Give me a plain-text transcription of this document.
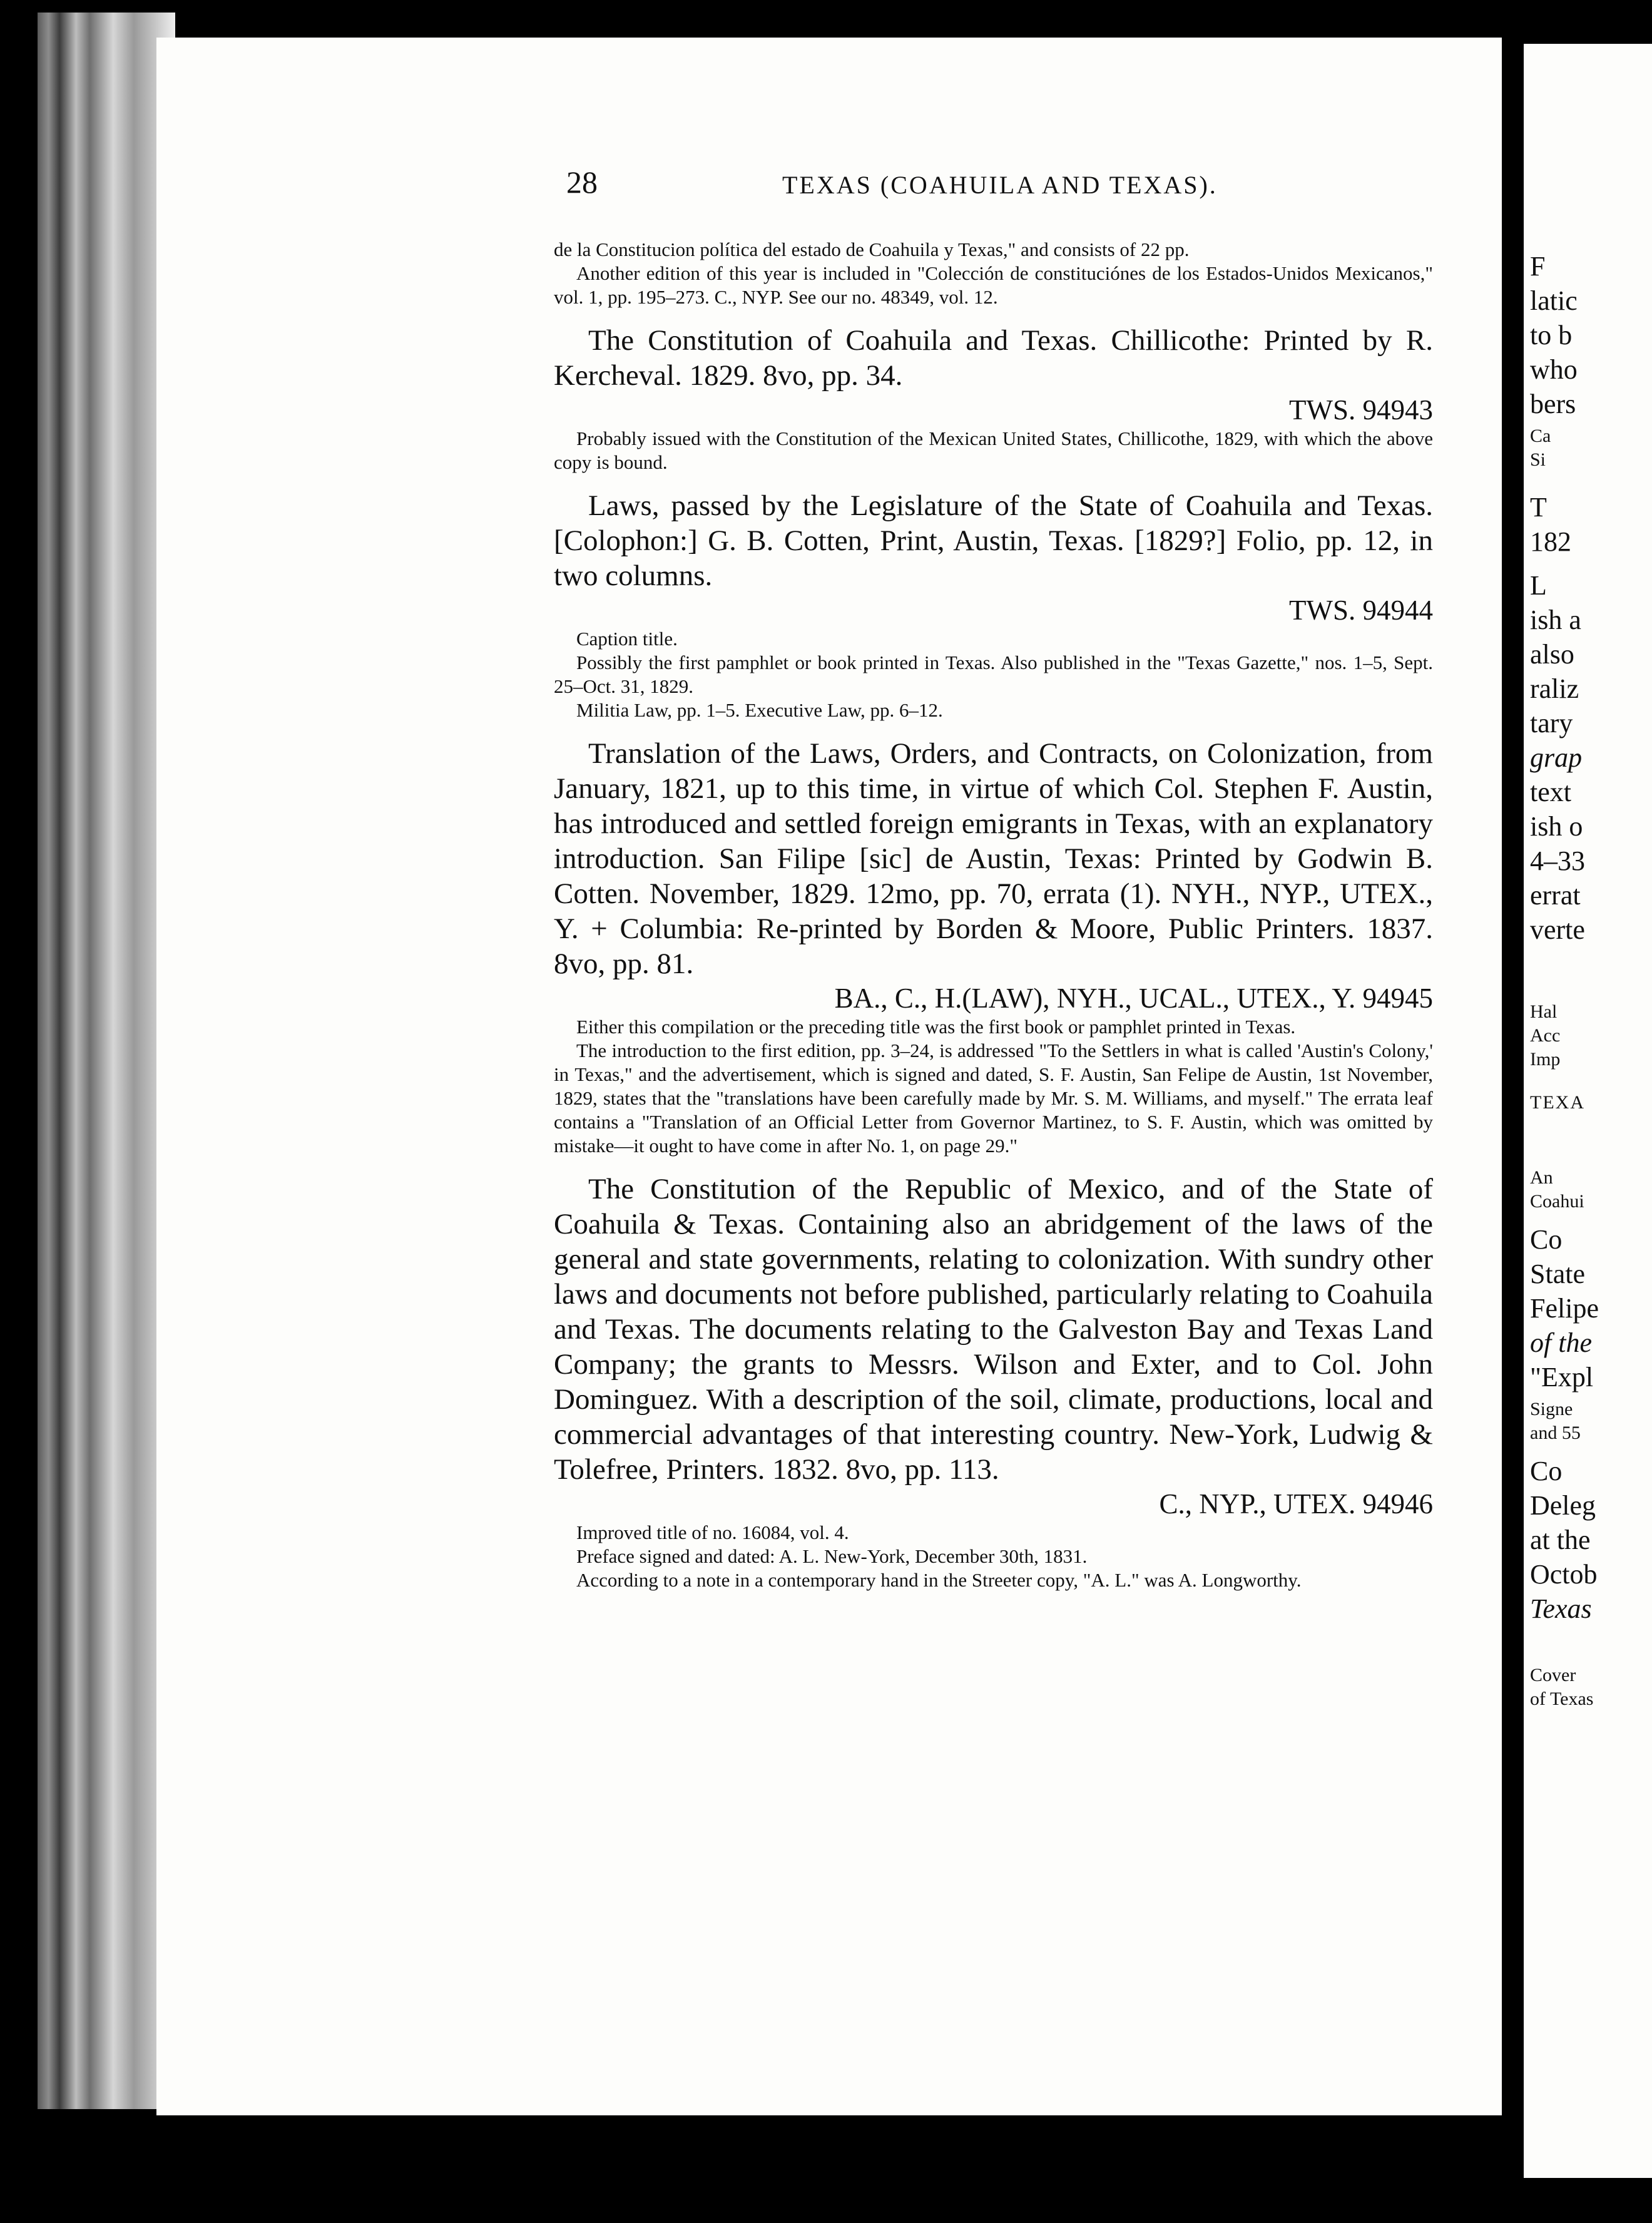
28	TEXAS (COAHUILA AND TEXAS).

de la Constitucion política del estado de Coahuila y Texas," and consists of 22 pp.

Another edition of this year is included in "Colección de constituciónes de los Estados-Unidos Mexicanos," vol. 1, pp. 195–273. C., NYP. See our no. 48349, vol. 12.

The Constitution of Coahuila and Texas. Chillicothe: Printed by R. Kercheval. 1829. 8vo, pp. 34.

TWS. 94943

Probably issued with the Constitution of the Mexican United States, Chillicothe, 1829, with which the above copy is bound.

Laws, passed by the Legislature of the State of Coahuila and Texas. [Colophon:] G. B. Cotten, Print, Austin, Texas. [1829?] Folio, pp. 12, in two columns.

TWS. 94944

Caption title.

Possibly the first pamphlet or book printed in Texas. Also published in the "Texas Gazette," nos. 1–5, Sept. 25–Oct. 31, 1829.

Militia Law, pp. 1–5. Executive Law, pp. 6–12.

Translation of the Laws, Orders, and Contracts, on Colonization, from January, 1821, up to this time, in virtue of which Col. Stephen F. Austin, has introduced and settled foreign emigrants in Texas, with an explanatory introduction. San Filipe [sic] de Austin, Texas: Printed by Godwin B. Cotten. November, 1829. 12mo, pp. 70, errata (1). NYH., NYP., UTEX., Y. + Columbia: Re-printed by Borden & Moore, Public Printers. 1837. 8vo, pp. 81.

BA., C., H.(LAW), NYH., UCAL., UTEX., Y. 94945

Either this compilation or the preceding title was the first book or pamphlet printed in Texas.

The introduction to the first edition, pp. 3–24, is addressed "To the Settlers in what is called 'Austin's Colony,' in Texas," and the advertisement, which is signed and dated, S. F. Austin, San Felipe de Austin, 1st November, 1829, states that the "translations have been carefully made by Mr. S. M. Williams, and myself." The errata leaf contains a "Translation of an Official Letter from Governor Martinez, to S. F. Austin, which was omitted by mistake—it ought to have come in after No. 1, on page 29."

The Constitution of the Republic of Mexico, and of the State of Coahuila & Texas. Containing also an abridgement of the laws of the general and state governments, relating to colonization. With sundry other laws and documents not before published, particularly relating to Coahuila and Texas. The documents relating to the Galveston Bay and Texas Land Company; the grants to Messrs. Wilson and Exter, and to Col. John Dominguez. With a description of the soil, climate, productions, local and commercial advantages of that interesting country. New-York, Ludwig & Tolefree, Printers. 1832. 8vo, pp. 113.

C., NYP., UTEX. 94946

Improved title of no. 16084, vol. 4.

Preface signed and dated: A. L. New-York, December 30th, 1831.

According to a note in a contemporary hand in the Streeter copy, "A. L." was A. Longworthy.

F
latic
to b
who
bers
Ca
Si
T
182
L
ish a
also
raliz
tary
grap
text
ish o
4–33
errat
verte
Hal
Acc
Imp
TEXA
An
Coahui
Co
State
Felipe
of the
"Expl
Signe
and 55
Co
Deleg
at the
Octob
Texas
Cover
of Texas
